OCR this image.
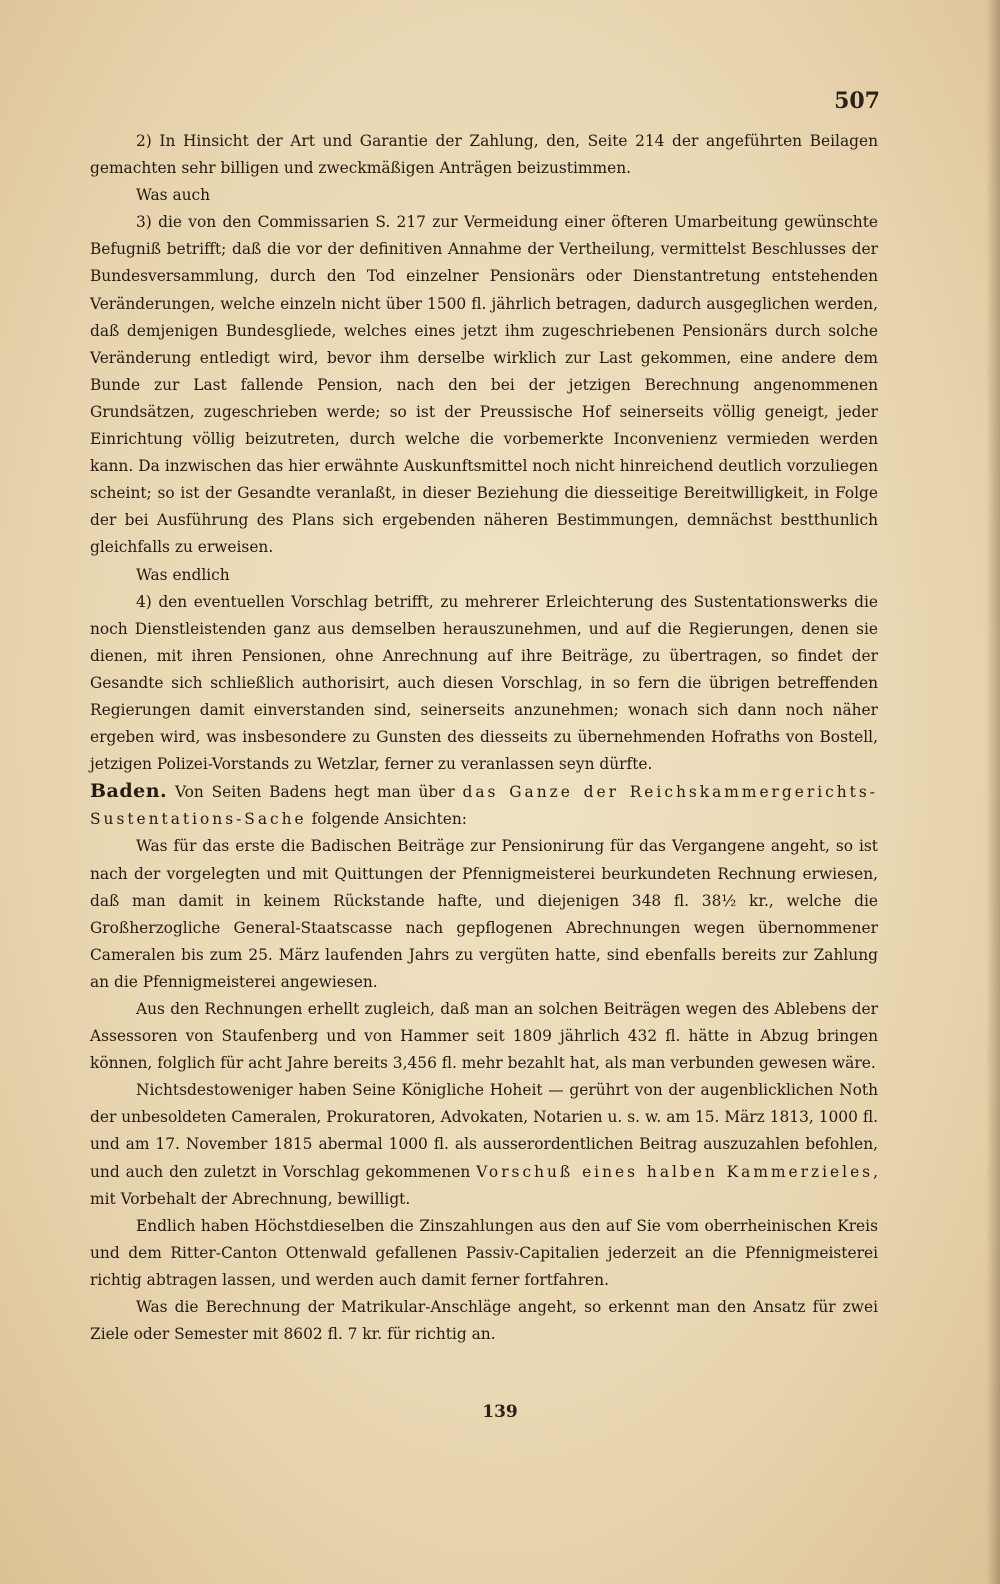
507

2) In Hinsicht der Art und Garantie der Zahlung, den, Seite 214 der angeführten Beilagen gemachten sehr billigen und zweckmäßigen Anträgen beizustimmen.

Was auch

3) die von den Commissarien S. 217 zur Vermeidung einer öfteren Umarbeitung gewünschte Befugniß betrifft; daß die vor der definitiven Annahme der Vertheilung, vermittelst Beschlusses der Bundesversammlung, durch den Tod einzelner Pensionärs oder Dienstantretung entstehenden Veränderungen, welche einzeln nicht über 1500 fl. jährlich betragen, dadurch ausgeglichen werden, daß demjenigen Bundesgliede, welches eines jetzt ihm zugeschriebenen Pensionärs durch solche Veränderung entledigt wird, bevor ihm derselbe wirklich zur Last gekommen, eine andere dem Bunde zur Last fallende Pension, nach den bei der jetzigen Berechnung angenommenen Grundsätzen, zugeschrieben werde; so ist der Preussische Hof seinerseits völlig geneigt, jeder Einrichtung völlig beizutreten, durch welche die vorbemerkte Inconvenienz vermieden werden kann. Da inzwischen das hier erwähnte Auskunftsmittel noch nicht hinreichend deutlich vorzuliegen scheint; so ist der Gesandte veranlaßt, in dieser Beziehung die diesseitige Bereitwilligkeit, in Folge der bei Ausführung des Plans sich ergebenden näheren Bestimmungen, demnächst bestthunlich gleichfalls zu erweisen.

Was endlich

4) den eventuellen Vorschlag betrifft, zu mehrerer Erleichterung des Sustentationswerks die noch Dienstleistenden ganz aus demselben herauszunehmen, und auf die Regierungen, denen sie dienen, mit ihren Pensionen, ohne Anrechnung auf ihre Beiträge, zu übertragen, so findet der Gesandte sich schließlich authorisirt, auch diesen Vorschlag, in so fern die übrigen betreffenden Regierungen damit einverstanden sind, seinerseits anzunehmen; wonach sich dann noch näher ergeben wird, was insbesondere zu Gunsten des diesseits zu übernehmenden Hofraths von Bostell, jetzigen Polizei-Vorstands zu Wetzlar, ferner zu veranlassen seyn dürfte.

Baden. Von Seiten Badens hegt man über das Ganze der Reichskammergerichts-Sustentations-Sache folgende Ansichten:

Was für das erste die Badischen Beiträge zur Pensionirung für das Vergangene angeht, so ist nach der vorgelegten und mit Quittungen der Pfennigmeisterei beurkundeten Rechnung erwiesen, daß man damit in keinem Rückstande hafte, und diejenigen 348 fl. 38½ kr., welche die Großherzogliche General-Staatscasse nach gepflogenen Abrechnungen wegen übernommener Cameralen bis zum 25. März laufenden Jahrs zu vergüten hatte, sind ebenfalls bereits zur Zahlung an die Pfennigmeisterei angewiesen.

Aus den Rechnungen erhellt zugleich, daß man an solchen Beiträgen wegen des Ablebens der Assessoren von Staufenberg und von Hammer seit 1809 jährlich 432 fl. hätte in Abzug bringen können, folglich für acht Jahre bereits 3,456 fl. mehr bezahlt hat, als man verbunden gewesen wäre.

Nichtsdestoweniger haben Seine Königliche Hoheit — gerührt von der augenblicklichen Noth der unbesoldeten Cameralen, Prokuratoren, Advokaten, Notarien u. s. w. am 15. März 1813, 1000 fl. und am 17. November 1815 abermal 1000 fl. als ausserordentlichen Beitrag auszuzahlen befohlen, und auch den zuletzt in Vorschlag gekommenen Vorschuß eines halben Kammerzieles, mit Vorbehalt der Abrechnung, bewilligt.

Endlich haben Höchstdieselben die Zinszahlungen aus den auf Sie vom oberrheinischen Kreis und dem Ritter-Canton Ottenwald gefallenen Passiv-Capitalien jederzeit an die Pfennigmeisterei richtig abtragen lassen, und werden auch damit ferner fortfahren.

Was die Berechnung der Matrikular-Anschläge angeht, so erkennt man den Ansatz für zwei Ziele oder Semester mit 8602 fl. 7 kr. für richtig an.

139
